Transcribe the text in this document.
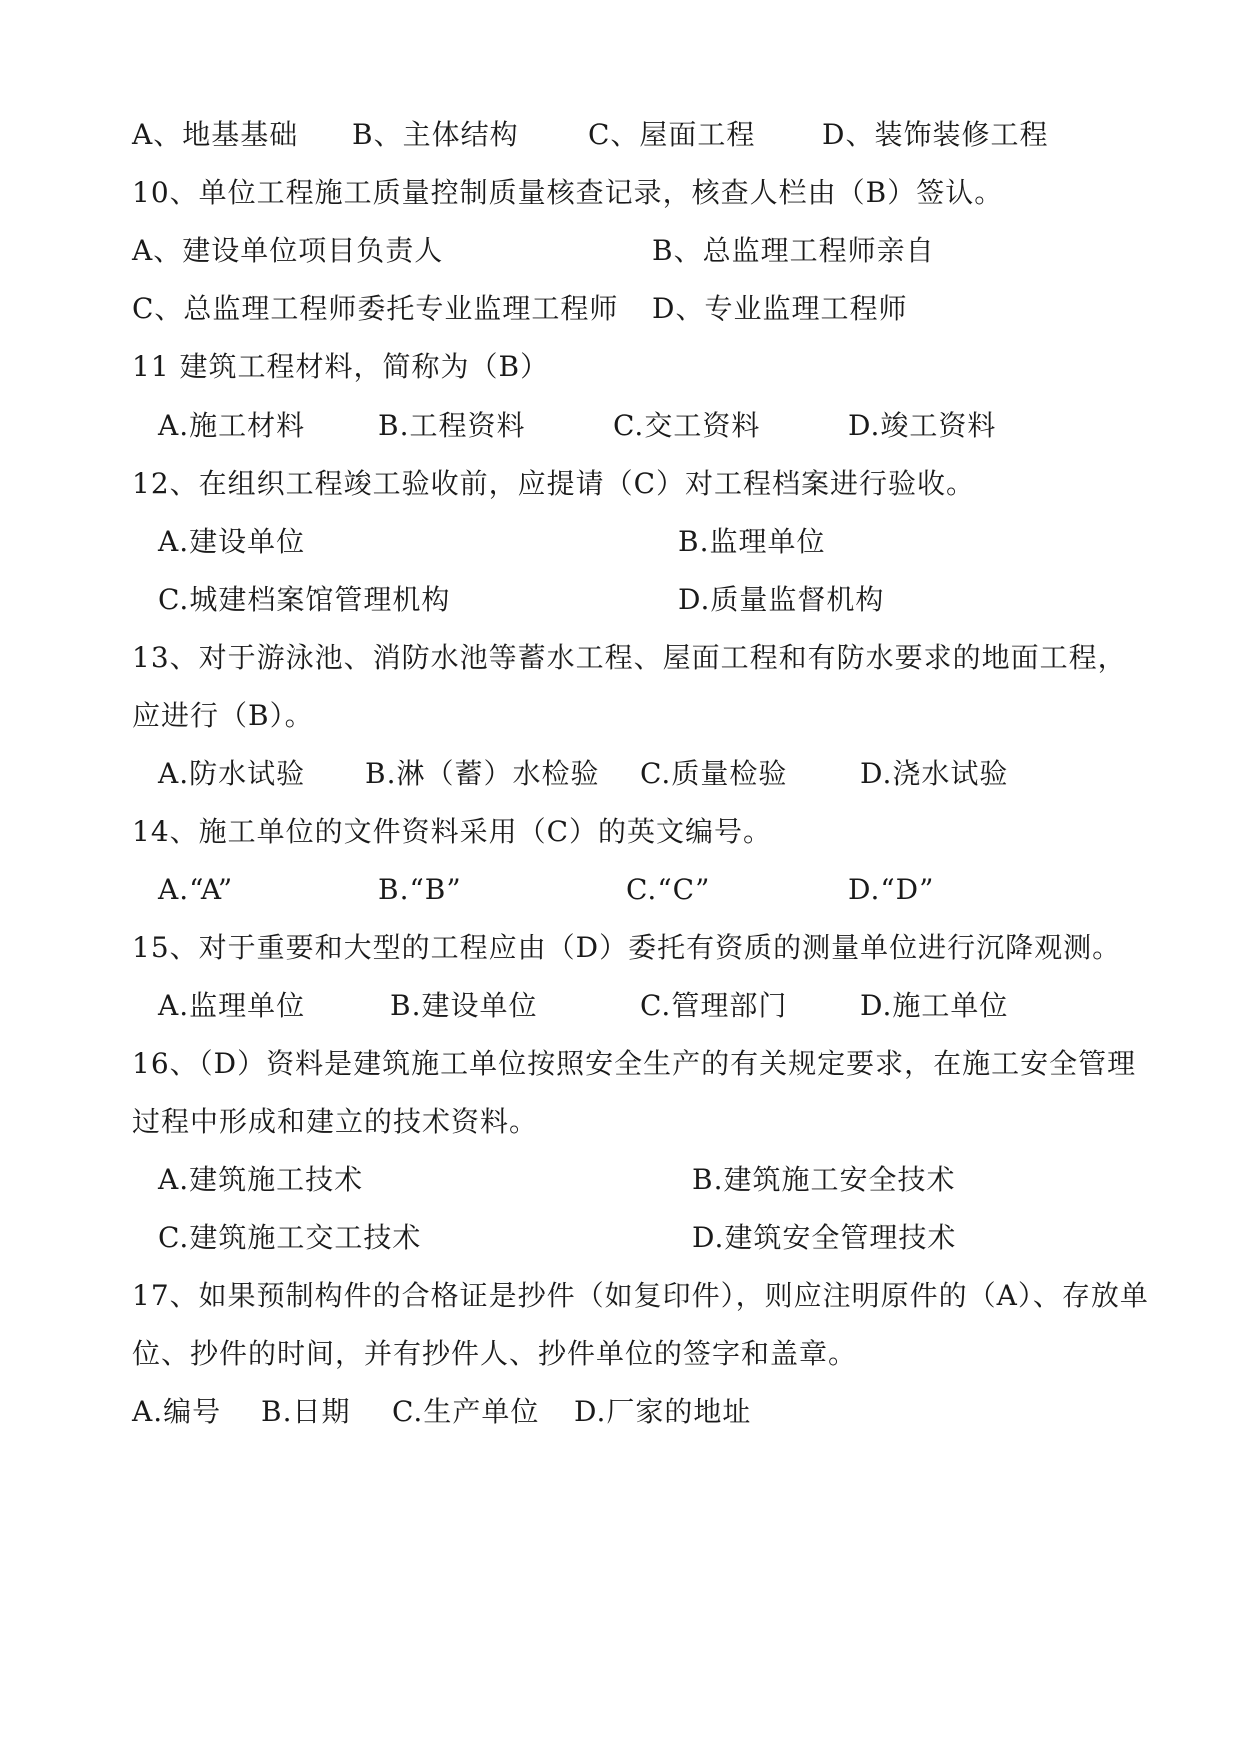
A、地基基础 B、主体结构 C、屋面工程 D、装饰装修工程
10、单位工程施工质量控制质量核查记录，核查人栏由（B）签认。
A、建设单位项目负责人	B、总监理工程师亲自
C、总监理工程师委托专业监理工程师 D、专业监理工程师
11 建筑工程材料，简称为（B）
A.施工材料	B.工程资料	C.交工资料	D.竣工资料
12、在组织工程竣工验收前，应提请（C）对工程档案进行验收。
A.建设单位	B.监理单位
C.城建档案馆管理机构	D.质量监督机构
13、对于游泳池、消防水池等蓄水工程、屋面工程和有防水要求的地面工程，
应进行（B）。
A.防水试验 B.淋（蓄）水检验 C.质量检验	D.浇水试验
14、施工单位的文件资料采用（C）的英文编号。
A.“A”	B.“B”	C.“C”	D.“D”
15、对于重要和大型的工程应由（D）委托有资质的测量单位进行沉降观测。
A.监理单位	B.建设单位	C.管理部门	D.施工单位
16、（D）资料是建筑施工单位按照安全生产的有关规定要求，在施工安全管理
过程中形成和建立的技术资料。
A.建筑施工技术	B.建筑施工安全技术
C.建筑施工交工技术	D.建筑安全管理技术
17、如果预制构件的合格证是抄件（如复印件），则应注明原件的（A）、存放单
位、抄件的时间，并有抄件人、抄件单位的签字和盖章。
A.编号 B.日期 C.生产单位 D.厂家的地址
